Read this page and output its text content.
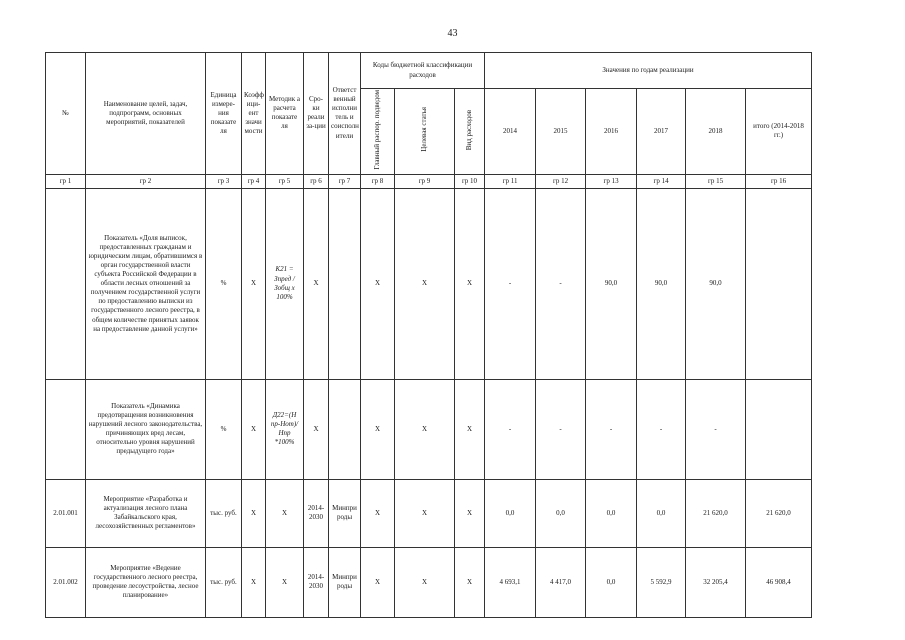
43
№	Наименование целей, задач, подпрограмм, основных мероприятий, показателей	Единица измере-ния показате ля	Коэфф ици-ент значи мости	Методик а расчета показате ля	Сро-ки реали за-ции	Ответст венный исполни тель и соисполн ители	Коды бюджетной классификации расходов			Значения по годам реализации					
							Главный распор. подведом	Целевая статья	Вид расходов	2014	2015	2016	2017	2018	итого (2014-2018 гг.)
гр 1	гр 2	гр 3	гр 4	гр 5	гр 6	гр 7	гр 8	гр 9	гр 10	гр 11	гр 12	гр 13	гр 14	гр 15	гр 16
	Показатель «Доля выписок, предоставленных гражданам и юридическим лицам, обратившимся в орган государственной власти субъекта Российской Федерации в области лесных отношений за получением государственной услуги по предоставлению выписки из государственного лесного реестра, в общем количестве принятых заявок на предоставление данной услуги»	%	X	К21 = Зпред /Зобщ х 100%	X		X	X	X	-	-	90,0	90,0	90,0	
	Показатель «Динамика предотвращения возникновения нарушений лесного законодательства, причиняющих вред лесам, относительно уровня нарушений предыдущего года»	%	X	Д22=(Н пр-Нот)/Нпр *100%	X		X	X	X	-	-	-	-	-	
2.01.001	Мероприятие «Разработка и актуализация лесного плана Забайкальского края, лесохозяйственных регламентов»	тыс. руб.	X	X	2014-2030	Минпри роды	X	X	X	0,0	0,0	0,0	0,0	21 620,0	21 620,0
2.01.002	Мероприятие «Ведение государственного лесного реестра, проведение лесоустройства, лесное планирование»	тыс. руб.	X	X	2014-2030	Минпри роды	X	X	X	4 693,1	4 417,0	0,0	5 592,9	32 205,4	46 908,4
